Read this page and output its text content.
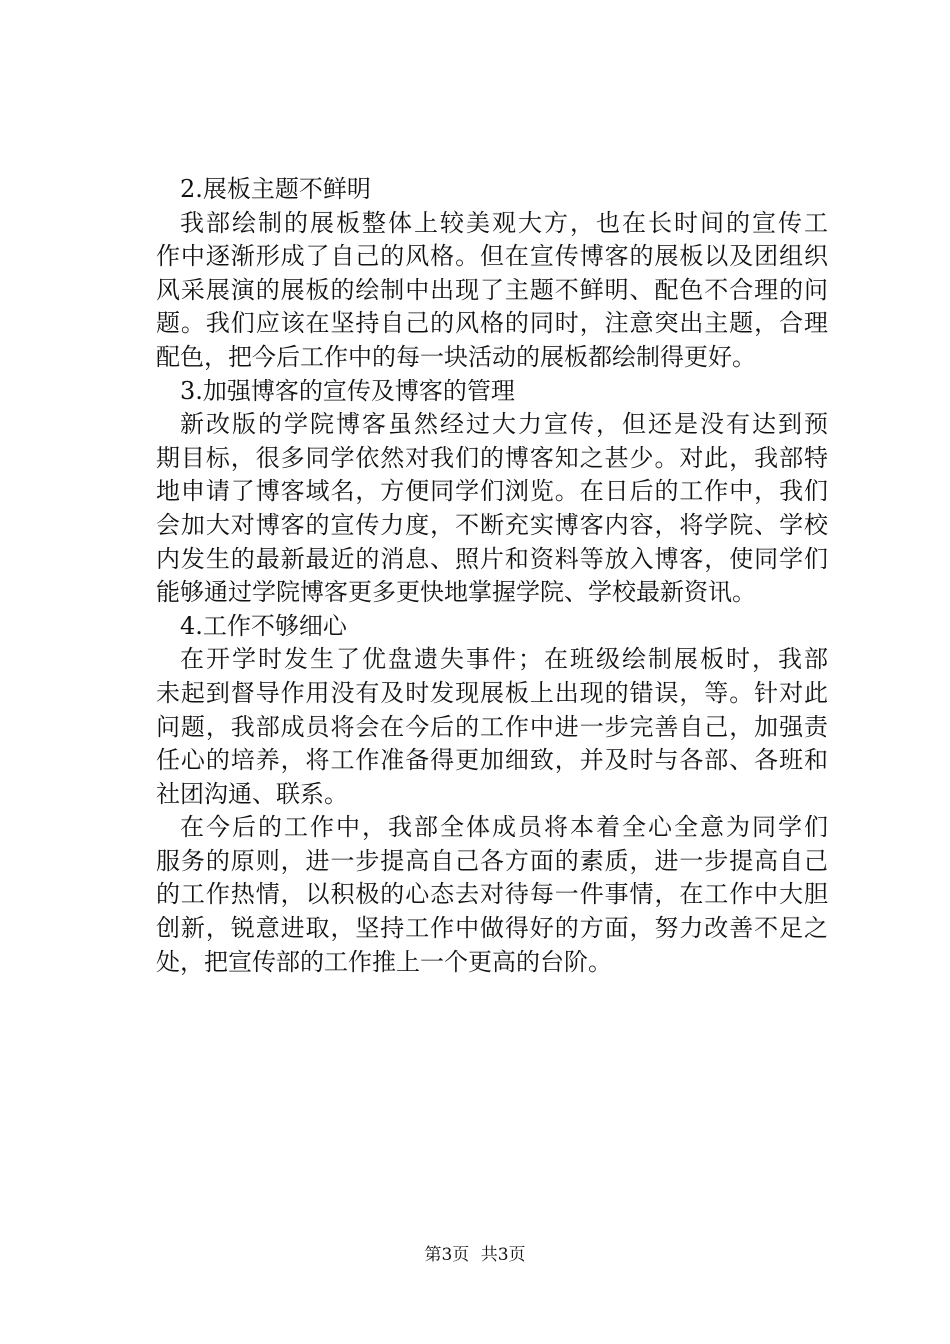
2.展板主题不鲜明
我部绘制的展板整体上较美观大方，也在长时间的宣传工
作中逐渐形成了自己的风格。但在宣传博客的展板以及团组织
风采展演的展板的绘制中出现了主题不鲜明、配色不合理的问
题。我们应该在坚持自己的风格的同时，注意突出主题，合理
配色，把今后工作中的每一块活动的展板都绘制得更好。
3.加强博客的宣传及博客的管理
新改版的学院博客虽然经过大力宣传，但还是没有达到预
期目标，很多同学依然对我们的博客知之甚少。对此，我部特
地申请了博客域名，方便同学们浏览。在日后的工作中，我们
会加大对博客的宣传力度，不断充实博客内容，将学院、学校
内发生的最新最近的消息、照片和资料等放入博客，使同学们
能够通过学院博客更多更快地掌握学院、学校最新资讯。
4.工作不够细心
在开学时发生了优盘遗失事件；在班级绘制展板时，我部
未起到督导作用没有及时发现展板上出现的错误，等。针对此
问题，我部成员将会在今后的工作中进一步完善自己，加强责
任心的培养，将工作准备得更加细致，并及时与各部、各班和
社团沟通、联系。
在今后的工作中，我部全体成员将本着全心全意为同学们
服务的原则，进一步提高自己各方面的素质，进一步提高自己
的工作热情，以积极的心态去对待每一件事情，在工作中大胆
创新，锐意进取，坚持工作中做得好的方面，努力改善不足之
处，把宣传部的工作推上一个更高的台阶。
第3页 共3页
